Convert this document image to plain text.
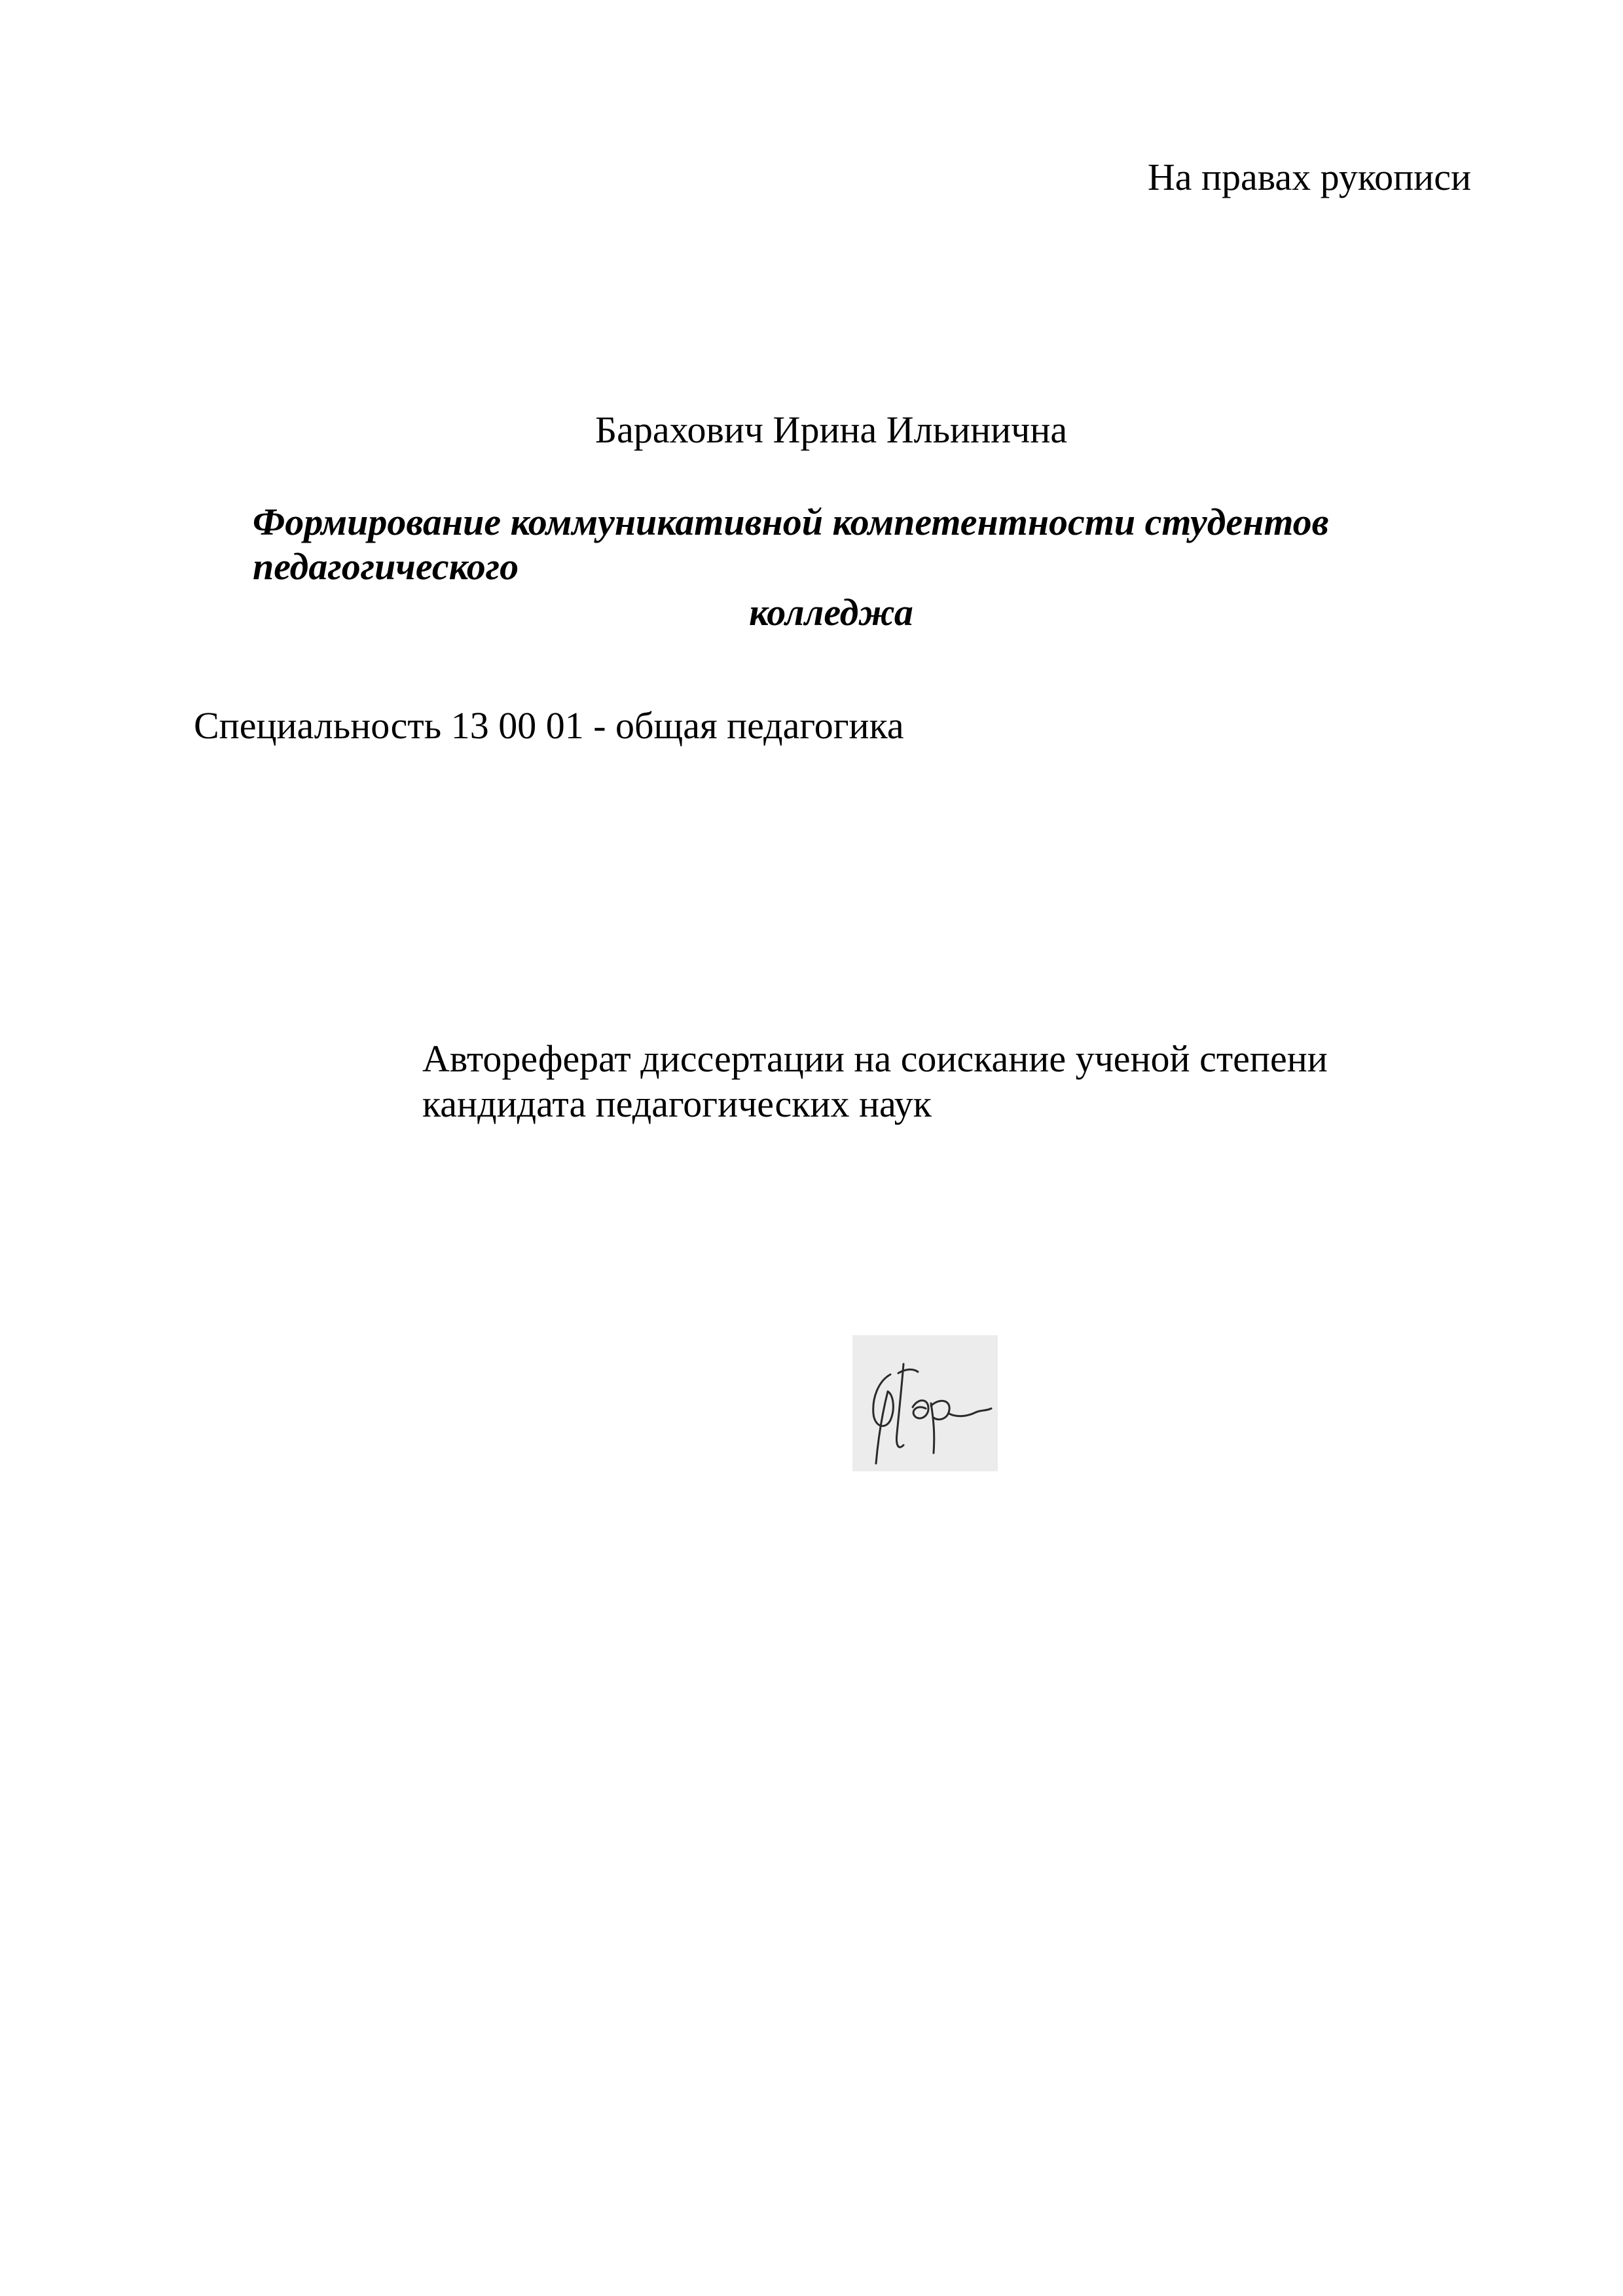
На правах рукописи
Барахович Ирина Ильинична
Формирование коммуникативной компетентности студентов
педагогического
колледжа
Специальность 13 00 01 - общая педагогика
Автореферат диссертации на соискание ученой степени
кандидата педагогических наук
